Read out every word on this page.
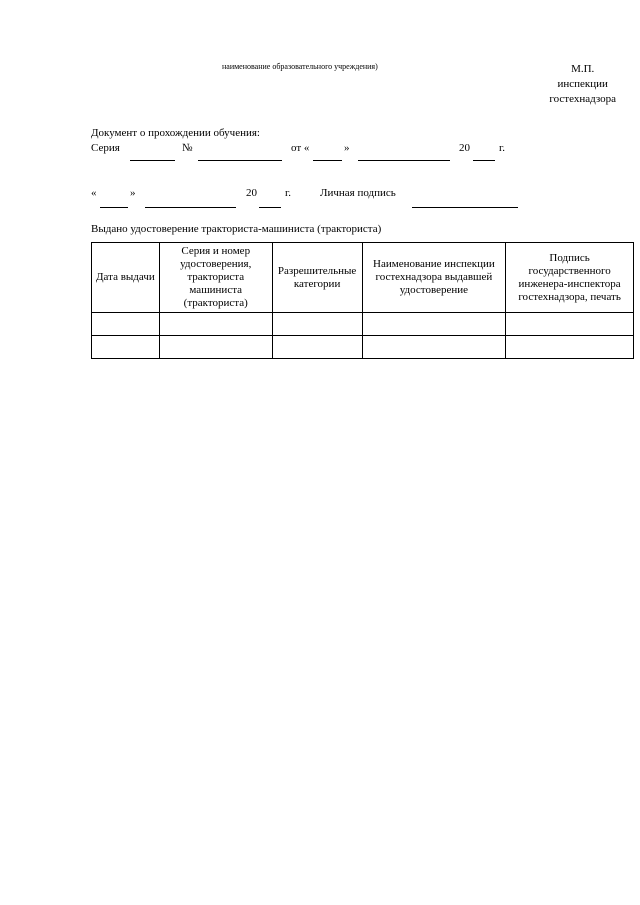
наименование образовательного учреждения)	М.П.
инспекции
гостехнадзора
Документ о прохождении обучения:
Серия	№	от «	»	20	г.
«	»	20	г.	Личная подпись
Выдано удостоверение тракториста-машиниста (тракториста)
Дата выдачи	Серия и номер удостоверения, тракториста машиниста (тракториста)	Разрешительные категории	Наименование инспекции гостехнадзора выдавшей удостоверение	Подпись государственного инженера-инспектора гостехнадзора, печать
